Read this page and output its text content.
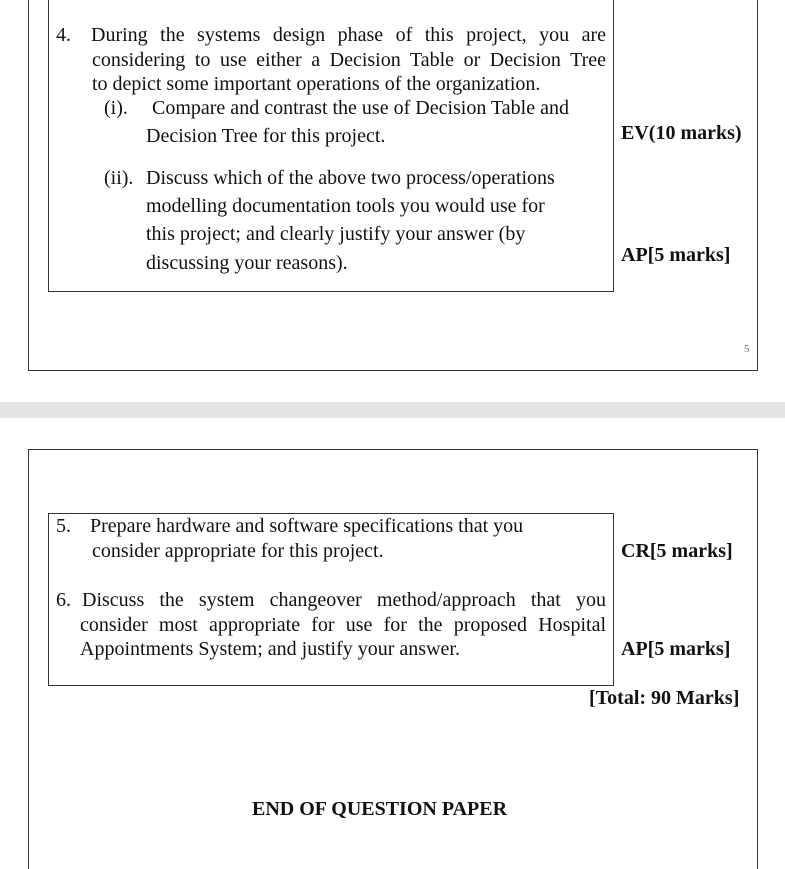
4. During the systems design phase of this project, you are
considering to use either a Decision Table or Decision Tree
to depict some important operations of the organization.
(i). Compare and contrast the use of Decision Table and
Decision Tree for this project.	EV(10 marks)
(ii). Discuss which of the above two process/operations
modelling documentation tools you would use for
this project; and clearly justify your answer (by
discussing your reasons).	AP[5 marks]
5
5. Prepare hardware and software specifications that you
consider appropriate for this project.	CR[5 marks]
6. Discuss the system changeover method/approach that you
consider most appropriate for use for the proposed Hospital
Appointments System; and justify your answer.	AP[5 marks]
[Total: 90 Marks]
END OF QUESTION PAPER
